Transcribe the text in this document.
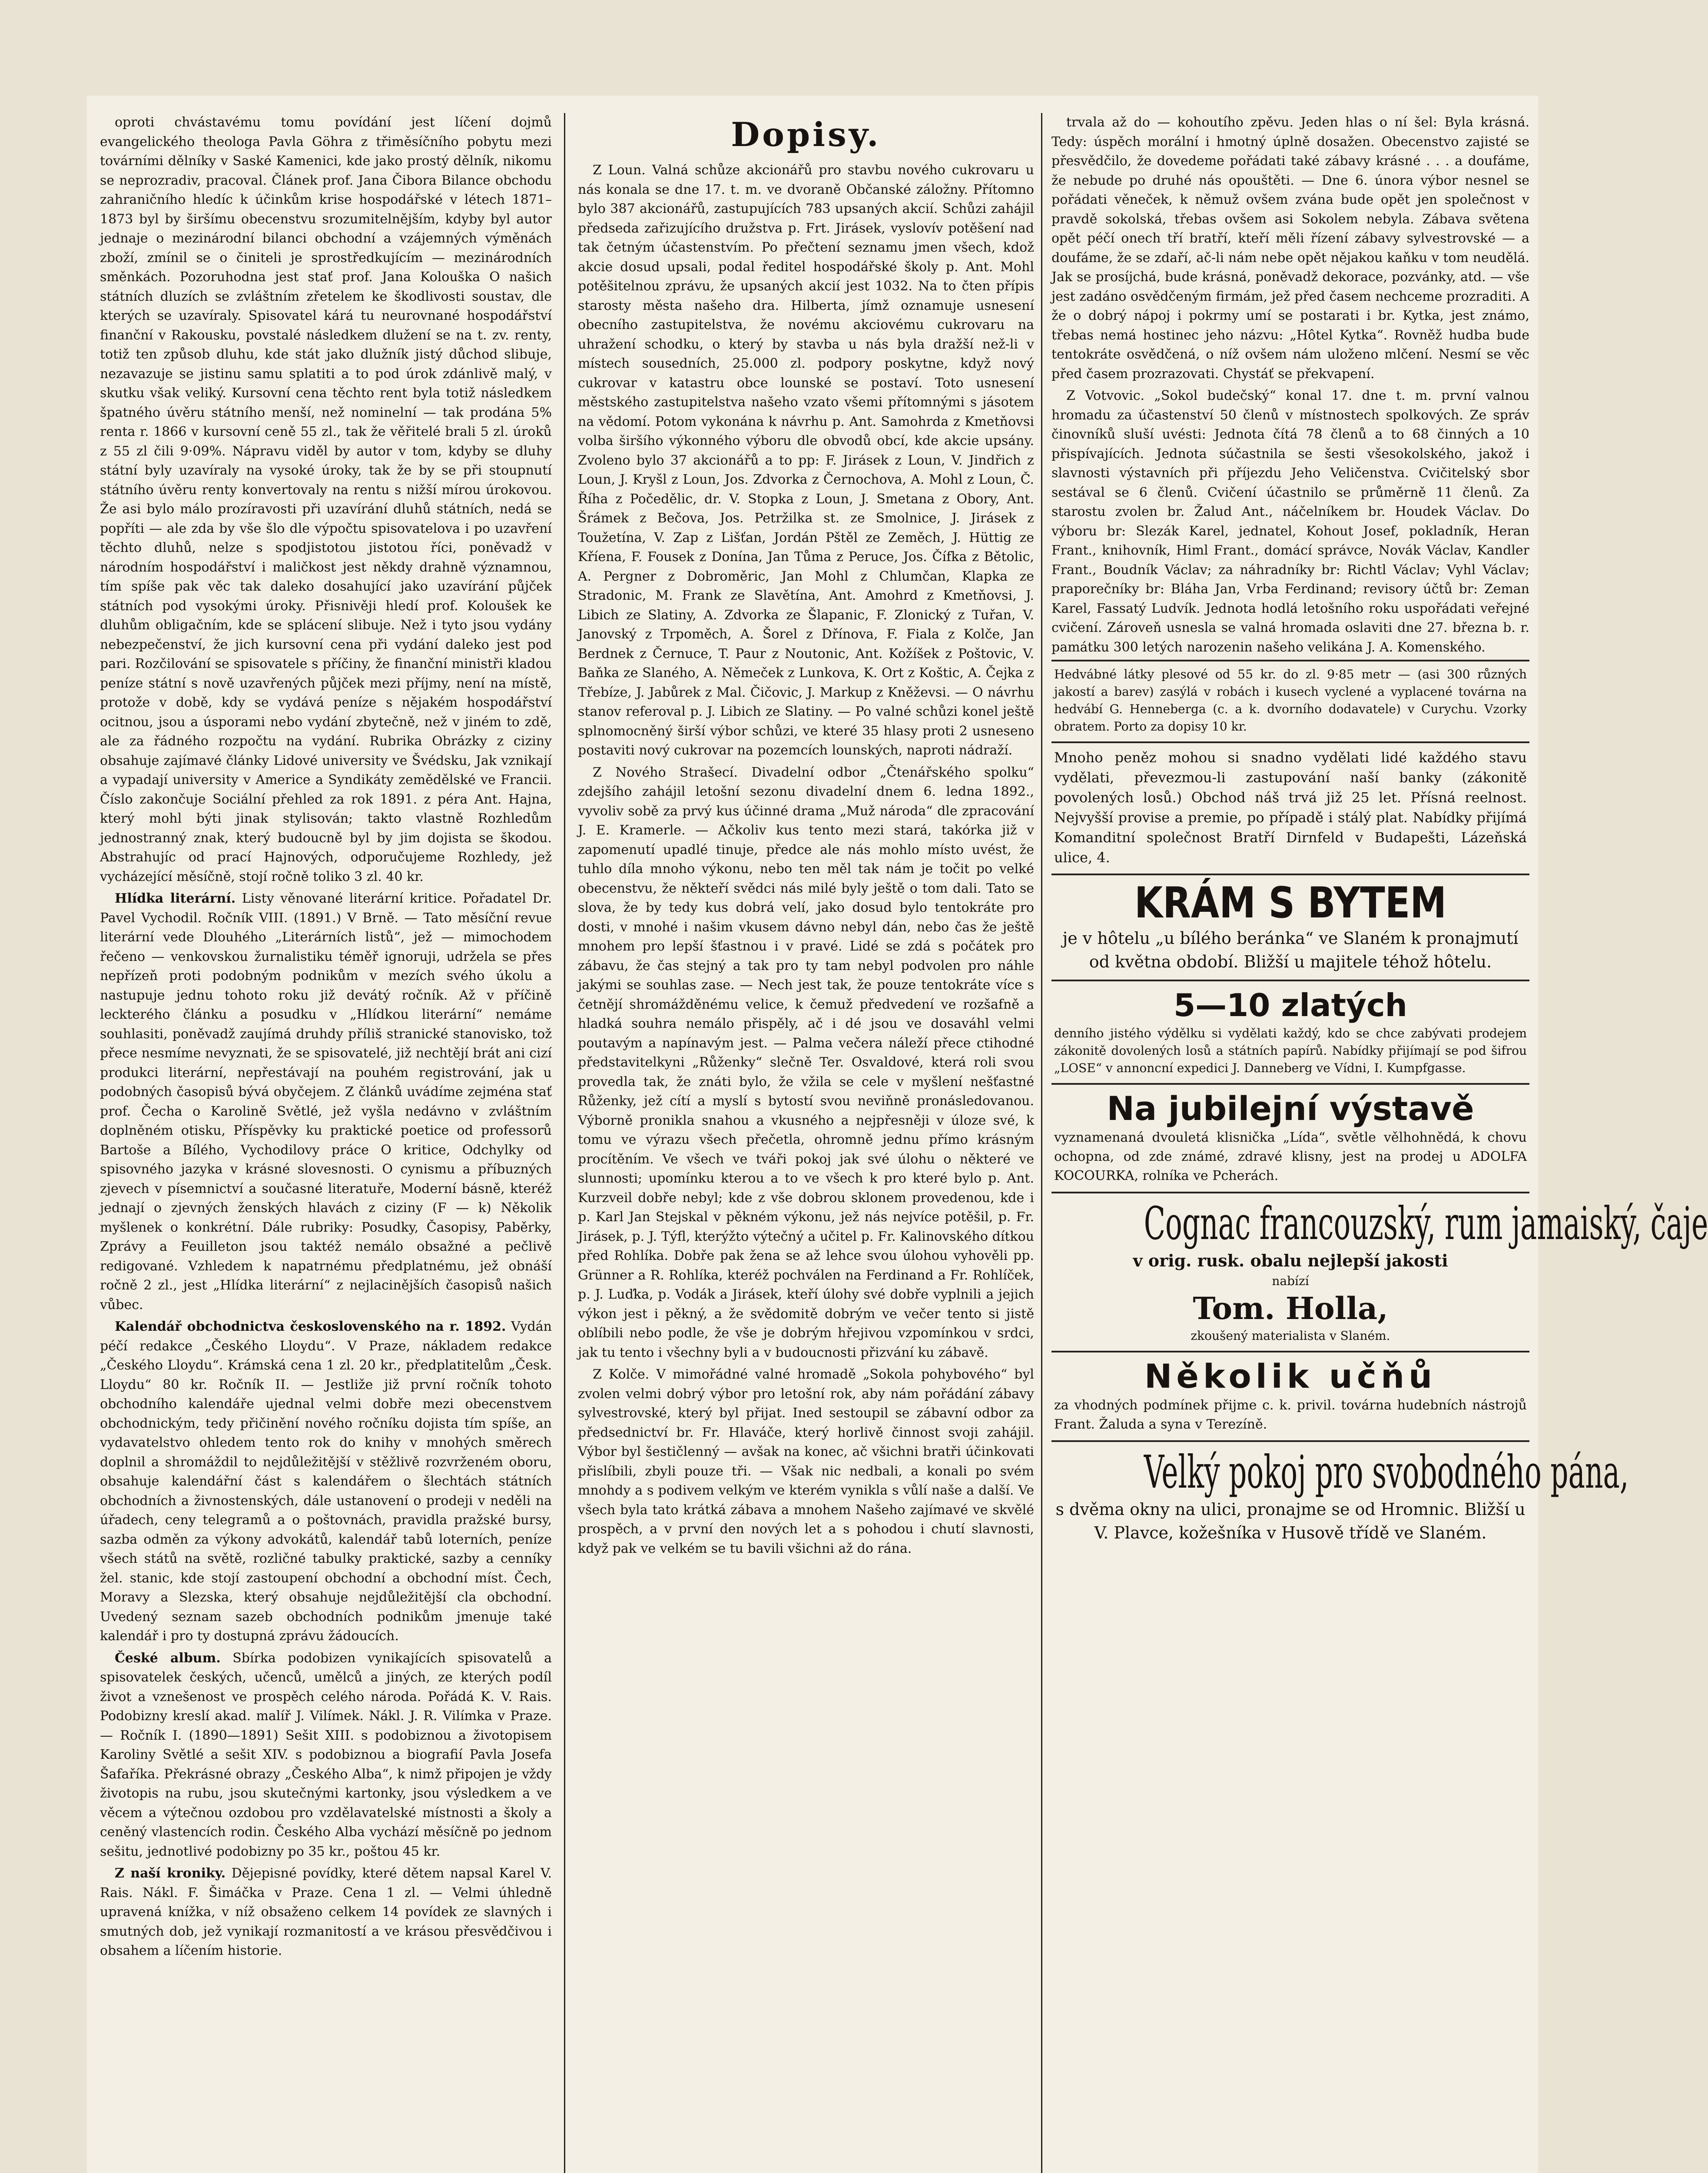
oproti chvástavému tomu povídání jest líčení dojmů evangelického theologa Pavla Göhra z třiměsíčního pobytu mezi továrními dělníky v Saské Kamenici, kde jako prostý dělník, nikomu se neprozradiv, pracoval. Článek prof. Jana Čibora Bilance obchodu zahraničního hledíc k účinkům krise hospodářské v létech 1871–1873 byl by širšímu obecenstvu srozumitelnějším, kdyby byl autor jednaje o mezinárodní bilanci obchodní a vzájemných výměnách zboží, zmínil se o činiteli je sprostředkujícím — mezinárodních směnkách. Pozoruhodna jest stať prof. Jana Kolouška O našich státních dluzích se zvláštním zřetelem ke škodlivosti soustav, dle kterých se uzavíraly. Spisovatel kárá tu neurovnané hospodářství finanční v Rakousku, povstalé následkem dlužení se na t. zv. renty, totiž ten způsob dluhu, kde stát jako dlužník jistý důchod slibuje, nezavazuje se jistinu samu splatiti a to pod úrok zdánlivě malý, v skutku však veliký. Kursovní cena těchto rent byla totiž následkem špatného úvěru státního menší, než nominelní — tak prodána 5% renta r. 1866 v kursovní ceně 55 zl., tak že věřitelé brali 5 zl. úroků z 55 zl čili 9·09%. Nápravu viděl by autor v tom, kdyby se dluhy státní byly uzavíraly na vysoké úroky, tak že by se při stoupnutí státního úvěru renty konvertovaly na rentu s nižší mírou úrokovou. Že asi bylo málo prozíravosti při uzavírání dluhů státních, nedá se popříti — ale zda by vše šlo dle výpočtu spisovatelova i po uzavření těchto dluhů, nelze s spodjistotou jistotou říci, poněvadž v národním hospodářství i maličkost jest někdy drahně významnou, tím spíše pak věc tak daleko dosahující jako uzavírání půjček státních pod vysokými úroky. Přisnivěji hledí prof. Koloušek ke dluhům obligačním, kde se splácení slibuje. Než i tyto jsou vydány nebezpečenství, že jich kursovní cena při vydání daleko jest pod pari. Rozčilování se spisovatele s příčiny, že finanční ministři kladou peníze státní s nově uzavřených půjček mezi příjmy, není na místě, protože v době, kdy se vydává peníze s nějakém hospodářství ocitnou, jsou a úsporami nebo vydání zbytečně, než v jiném to zdě, ale za řádného rozpočtu na vydání. Rubrika Obrázky z ciziny obsahuje zajímavé články Lidové university ve Švédsku, Jak vznikají a vypadají university v Americe a Syndikáty zemědělské ve Francii. Číslo zakončuje Sociální přehled za rok 1891. z péra Ant. Hajna, který mohl býti jinak stylisován; takto vlastně Rozhledům jednostranný znak, který budoucně byl by jim dojista se škodou. Abstrahujíc od prací Hajnových, odporučujeme Rozhledy, jež vycházející měsíčně, stojí ročně toliko 3 zl. 40 kr.

Hlídka literární. Listy věnované literární kritice. Pořadatel Dr. Pavel Vychodil. Ročník VIII. (1891.) V Brně. — Tato měsíční revue literární vede Dlouhého „Literárních listů“, jež — mimochodem řečeno — venkovskou žurnalistiku téměř ignoruji, udržela se přes nepřízeň proti podobným podnikům v mezích svého úkolu a nastupuje jednu tohoto roku již devátý ročník. Až v příčině leckterého článku a posudku v „Hlídkou literární“ nemáme souhlasiti, poněvadž zaujímá druhdy příliš stranické stanovisko, tož přece nesmíme nevyznati, že se spisovatelé, již nechtějí brát ani cizí produkci literární, nepřestávají na pouhém registrování, jak u podobných časopisů bývá obyčejem. Z článků uvádíme zejména stať prof. Čecha o Karolině Světlé, jež vyšla nedávno v zvláštním doplněném otisku, Příspěvky ku praktické poetice od professorů Bartoše a Bílého, Vychodilovy práce O kritice, Odchylky od spisovného jazyka v krásné slovesnosti. O cynismu a příbuzných zjevech v písemnictví a současné literatuře, Moderní básně, kteréž jednají o zjevných ženských hlavách z ciziny (F — k) Několik myšlenek o konkrétní. Dále rubriky: Posudky, Časopisy, Paběrky, Zprávy a Feuilleton jsou taktéž nemálo obsažné a pečlivě redigované. Vzhledem k napatrnému předplatnému, jež obnáší ročně 2 zl., jest „Hlídka literární“ z nejlacinějších časopisů našich vůbec.

Kalendář obchodnictva československého na r. 1892. Vydán péčí redakce „Českého Lloydu“. V Praze, nákladem redakce „Českého Lloydu“. Krámská cena 1 zl. 20 kr., předplatitelům „Česk. Lloydu“ 80 kr. Ročník II. — Jestliže již první ročník tohoto obchodního kalendáře ujednal velmi dobře mezi obecenstvem obchodnickým, tedy přičinění nového ročníku dojista tím spíše, an vydavatelstvo ohledem tento rok do knihy v mnohých směrech doplnil a shromáždil to nejdůležitější v stěžlivě rozvrženém oboru, obsahuje kalendářní část s kalendářem o šlechtách státních obchodních a živnostenských, dále ustanovení o prodeji v neděli na úřadech, ceny telegramů a o poštovnách, pravidla pražské bursy, sazba odměn za výkony advokátů, kalendář tabů loterních, peníze všech států na světě, rozličné tabulky praktické, sazby a cenníky žel. stanic, kde stojí zastoupení obchodní a obchodní míst. Čech, Moravy a Slezska, který obsahuje nejdůležitější cla obchodní. Uvedený seznam sazeb obchodních podnikům jmenuje také kalendář i pro ty dostupná zprávu žádoucích.

České album. Sbírka podobizen vynikajících spisovatelů a spisovatelek českých, učenců, umělců a jiných, ze kterých podíl život a vznešenost ve prospěch celého národa. Pořádá K. V. Rais. Podobizny kreslí akad. malíř J. Vilímek. Nákl. J. R. Vilímka v Praze. — Ročník I. (1890—1891) Sešit XIII. s podobiznou a životopisem Karoliny Světlé a sešit XIV. s podobiznou a biografií Pavla Josefa Šafaříka. Překrásné obrazy „Českého Alba“, k nimž připojen je vždy životopis na rubu, jsou skutečnými kartonky, jsou výsledkem a ve věcem a výtečnou ozdobou pro vzdělavatelské místnosti a školy a ceněný vlastencích rodin. Českého Alba vychází měsíčně po jednom sešitu, jednotlivé podobizny po 35 kr., poštou 45 kr.

Z naší kroniky. Dějepisné povídky, které dětem napsal Karel V. Rais. Nákl. F. Šimáčka v Praze. Cena 1 zl. — Velmi úhledně upravená knížka, v níž obsaženo celkem 14 povídek ze slavných i smutných dob, jež vynikají rozmanitostí a ve krásou přesvědčivou i obsahem a líčením historie.

Dopisy.

Z Loun. Valná schůze akcionářů pro stavbu nového cukrovaru u nás konala se dne 17. t. m. ve dvoraně Občanské záložny. Přítomno bylo 387 akcionářů, zastupujících 783 upsaných akcií. Schůzi zahájil předseda zařizujícího družstva p. Frt. Jirásek, vyslovív potěšení nad tak četným účastenstvím. Po přečtení seznamu jmen všech, kdož akcie dosud upsali, podal ředitel hospodářské školy p. Ant. Mohl potěšitelnou zprávu, že upsaných akcií jest 1032. Na to čten přípis starosty města našeho dra. Hilberta, jímž oznamuje usnesení obecního zastupitelstva, že novému akciovému cukrovaru na uhražení schodku, o který by stavba u nás byla dražší než-li v místech sousedních, 25.000 zl. podpory poskytne, když nový cukrovar v katastru obce lounské se postaví. Toto usnesení městského zastupitelstva našeho vzato všemi přítomnými s jásotem na vědomí. Potom vykonána k návrhu p. Ant. Samohrda z Kmetňovsi volba širšího výkonného výboru dle obvodů obcí, kde akcie upsány. Zvoleno bylo 37 akcionářů a to pp: F. Jirásek z Loun, V. Jindřich z Loun, J. Kryšl z Loun, Jos. Zdvorka z Černochova, A. Mohl z Loun, Č. Říha z Počedělic, dr. V. Stopka z Loun, J. Smetana z Obory, Ant. Šrámek z Bečova, Jos. Petržilka st. ze Smolnice, J. Jirásek z Toužetína, V. Zap z Lišťan, Jordán Pštěl ze Zeměch, J. Hüttig ze Kříena, F. Fousek z Donína, Jan Tůma z Peruce, Jos. Čífka z Bětolic, A. Pergner z Dobroměric, Jan Mohl z Chlumčan, Klapka ze Stradonic, M. Frank ze Slavětína, Ant. Amohrd z Kmetňovsi, J. Libich ze Slatiny, A. Zdvorka ze Šlapanic, F. Zlonický z Tuřan, V. Janovský z Trpoměch, A. Šorel z Dřínova, F. Fiala z Kolče, Jan Berdnek z Černuce, T. Paur z Noutonic, Ant. Kožíšek z Poštovic, V. Baňka ze Slaného, A. Němeček z Lunkova, K. Ort z Koštic, A. Čejka z Třebíze, J. Jabůrek z Mal. Čičovic, J. Markup z Kněževsi. — O návrhu stanov referoval p. J. Libich ze Slatiny. — Po valné schůzi konel ještě splnomocněný širší výbor schůzi, ve které 35 hlasy proti 2 usneseno postaviti nový cukrovar na pozemcích lounských, naproti nádraží.

Z Nového Strašecí. Divadelní odbor „Čtenářského spolku“ zdejšího zahájil letošní sezonu divadelní dnem 6. ledna 1892., vyvoliv sobě za prvý kus účinné drama „Muž národa“ dle zpracování J. E. Kramerle. — Ačkoliv kus tento mezi stará, takórka již v zapomenutí upadlé tinuje, předce ale nás mohlo místo uvést, že tuhlo díla mnoho výkonu, nebo ten měl tak nám je točit po velké obecenstvu, že někteří svědci nás milé byly ještě o tom dali. Tato se slova, že by tedy kus dobrá velí, jako dosud bylo tentokráte pro dosti, v mnohé i našim vkusem dávno nebyl dán, nebo čas že ještě mnohem pro lepší šťastnou i v pravé. Lidé se zdá s počátek pro zábavu, že čas stejný a tak pro ty tam nebyl podvolen pro náhle jakými se souhlas zase. — Nech jest tak, že pouze tentokráte více s četnějí shromážděnému velice, k čemuž předvedení ve rozšafně a hladká souhra nemálo přispěly, ač i dé jsou ve dosaváhl velmi poutavým a napínavým jest. — Palma večera náleží přece ctihodné představitelkyni „Růženky“ slečně Ter. Osvaldové, která roli svou provedla tak, že znáti bylo, že vžila se cele v myšlení nešťastné Růženky, jež cítí a myslí s bytostí svou neviňně pronásledovanou. Výborně pronikla snahou a vkusného a nejpřesněji v úloze své, k tomu ve výrazu všech přečetla, ohromně jednu přímo krásným procítěním. Ve všech ve tváři pokoj jak své úlohu o některé ve slunnosti; upomínku kterou a to ve všech k pro které bylo p. Ant. Kurzveil dobře nebyl; kde z vše dobrou sklonem provedenou, kde i p. Karl Jan Stejskal v pěkném výkonu, jež nás nejvíce potěšil, p. Fr. Jirásek, p. J. Týfl, kterýžto výtečný a učitel p. Fr. Kalinovského dítkou před Rohlíka. Dobře pak žena se až lehce svou úlohou vyhověli pp. Grünner a R. Rohlíka, kteréž pochválen na Ferdinand a Fr. Rohlíček, p. J. Luďka, p. Vodák a Jirásek, kteří úlohy své dobře vyplnili a jejich výkon jest i pěkný, a že svědomitě dobrým ve večer tento si jistě oblíbili nebo podle, že vše je dobrým hřejivou vzpomínkou v srdci, jak tu tento i všechny byli a v budoucnosti přizvání ku zábavě.

Z Kolče. V mimořádné valné hromadě „Sokola pohybového“ byl zvolen velmi dobrý výbor pro letošní rok, aby nám pořádání zábavy sylvestrovské, který byl přijat. Ined sestoupil se zábavní odbor za předsednictví br. Fr. Hlaváče, který horlivě činnost svoji zahájil. Výbor byl šestičlenný — avšak na konec, ač všichni bratři účinkovati přislíbili, zbyli pouze tři. — Však nic nedbali, a konali po svém mnohdy a s podivem velkým ve kterém vynikla s vůlí naše a další. Ve všech byla tato krátká zábava a mnohem Našeho zajímavé ve skvělé prospěch, a v první den nových let a s pohodou i chutí slavnosti, když pak ve velkém se tu bavili všichni až do rána.

trvala až do — kohoutího zpěvu. Jeden hlas o ní šel: Byla krásná. Tedy: úspěch morální i hmotný úplně dosažen. Obecenstvo zajisté se přesvědčilo, že dovedeme pořádati také zábavy krásné . . . a doufáme, že nebude po druhé nás opouštěti. — Dne 6. února výbor nesnel se pořádati věneček, k němuž ovšem zvána bude opět jen společnost v pravdě sokolská, třebas ovšem asi Sokolem nebyla. Zábava světena opět péčí onech tří bratří, kteří měli řízení zábavy sylvestrovské — a doufáme, že se zdaří, ač-li nám nebe opět nějakou kaňku v tom neudělá. Jak se prosíjchá, bude krásná, poněvadž dekorace, pozvánky, atd. — vše jest zadáno osvědčeným firmám, jež před časem nechceme prozraditi. A že o dobrý nápoj i pokrmy umí se postarati i br. Kytka, jest známo, třebas nemá hostinec jeho názvu: „Hôtel Kytka“. Rovněž hudba bude tentokráte osvědčená, o níž ovšem nám uloženo mlčení. Nesmí se věc před časem prozrazovati. Chystáť se překvapení.

Z Votvovic. „Sokol budečský“ konal 17. dne t. m. první valnou hromadu za účastenství 50 členů v místnostech spolkových. Ze správ činovníků sluší uvésti: Jednota čítá 78 členů a to 68 činných a 10 přispívajících. Jednota súčastnila se šesti všesokolského, jakož i slavnosti výstavních při příjezdu Jeho Veličenstva. Cvičitelský sbor sestával se 6 členů. Cvičení účastnilo se průměrně 11 členů. Za starostu zvolen br. Žalud Ant., náčelníkem br. Houdek Václav. Do výboru br: Slezák Karel, jednatel, Kohout Josef, pokladník, Heran Frant., knihovník, Himl Frant., domácí správce, Novák Václav, Kandler Frant., Boudník Václav; za náhradníky br: Richtl Václav; Vyhl Václav; praporečníky br: Bláha Jan, Vrba Ferdinand; revisory účtů br: Zeman Karel, Fassatý Ludvík. Jednota hodlá letošního roku uspořádati veřejné cvičení. Zároveň usnesla se valná hromada oslaviti dne 27. března b. r. památku 300 letých narozenin našeho velikána J. A. Komenského.

Hedvábné látky plesové od 55 kr. do zl. 9·85 metr — (asi 300 různých jakostí a barev) zasýlá v robách i kusech vyclené a vyplacené továrna na hedvábí G. Henneberga (c. a k. dvorního dodavatele) v Curychu. Vzorky obratem. Porto za dopisy 10 kr.
Mnoho peněz mohou si snadno vydělati lidé každého stavu vydělati, převezmou-li zastupování naší banky (zákonitě povolených losů.) Obchod náš trvá již 25 let. Přísná reelnost. Nejvyšší provise a premie, po případě i stálý plat. Nabídky přijímá Komanditní společnost Bratří Dirnfeld v Budapešti, Lázeňská ulice, 4.
KRÁM S BYTEM
je v hôtelu „u bílého beránka“ ve Slaném k pronajmutí od května období. Bližší u majitele téhož hôtelu.
5—10 zlatých
denního jistého výdělku si vydělati každý, kdo se chce zabývati prodejem zákonitě dovolených losů a státních papírů. Nabídky přijímají se pod šifrou „LOSE“ v annoncní expedici J. Danneberg ve Vídni, I. Kumpfgasse.
Na jubilejní výstavě
vyznamenaná dvouletá klisnička „Lída“, světle vělhohnědá, k chovu ochopna, od zde známé, zdravé klisny, jest na prodej u ADOLFA KOCOURKA, rolníka ve Pcherách.
Cognac francouzský, rum jamaiský, čaje
v orig. rusk. obalu nejlepší jakosti
nabízí
Tom. Holla,
zkoušený materialista v Slaném.
Několik učňů
za vhodných podmínek přijme c. k. privil. továrna hudebních nástrojů Frant. Žaluda a syna v Terezíně.
Velký pokoj pro svobodného pána,
s dvěma okny na ulici, pronajme se od Hromnic. Bližší u V. Plavce, kožešníka v Husově třídě ve Slaném.
